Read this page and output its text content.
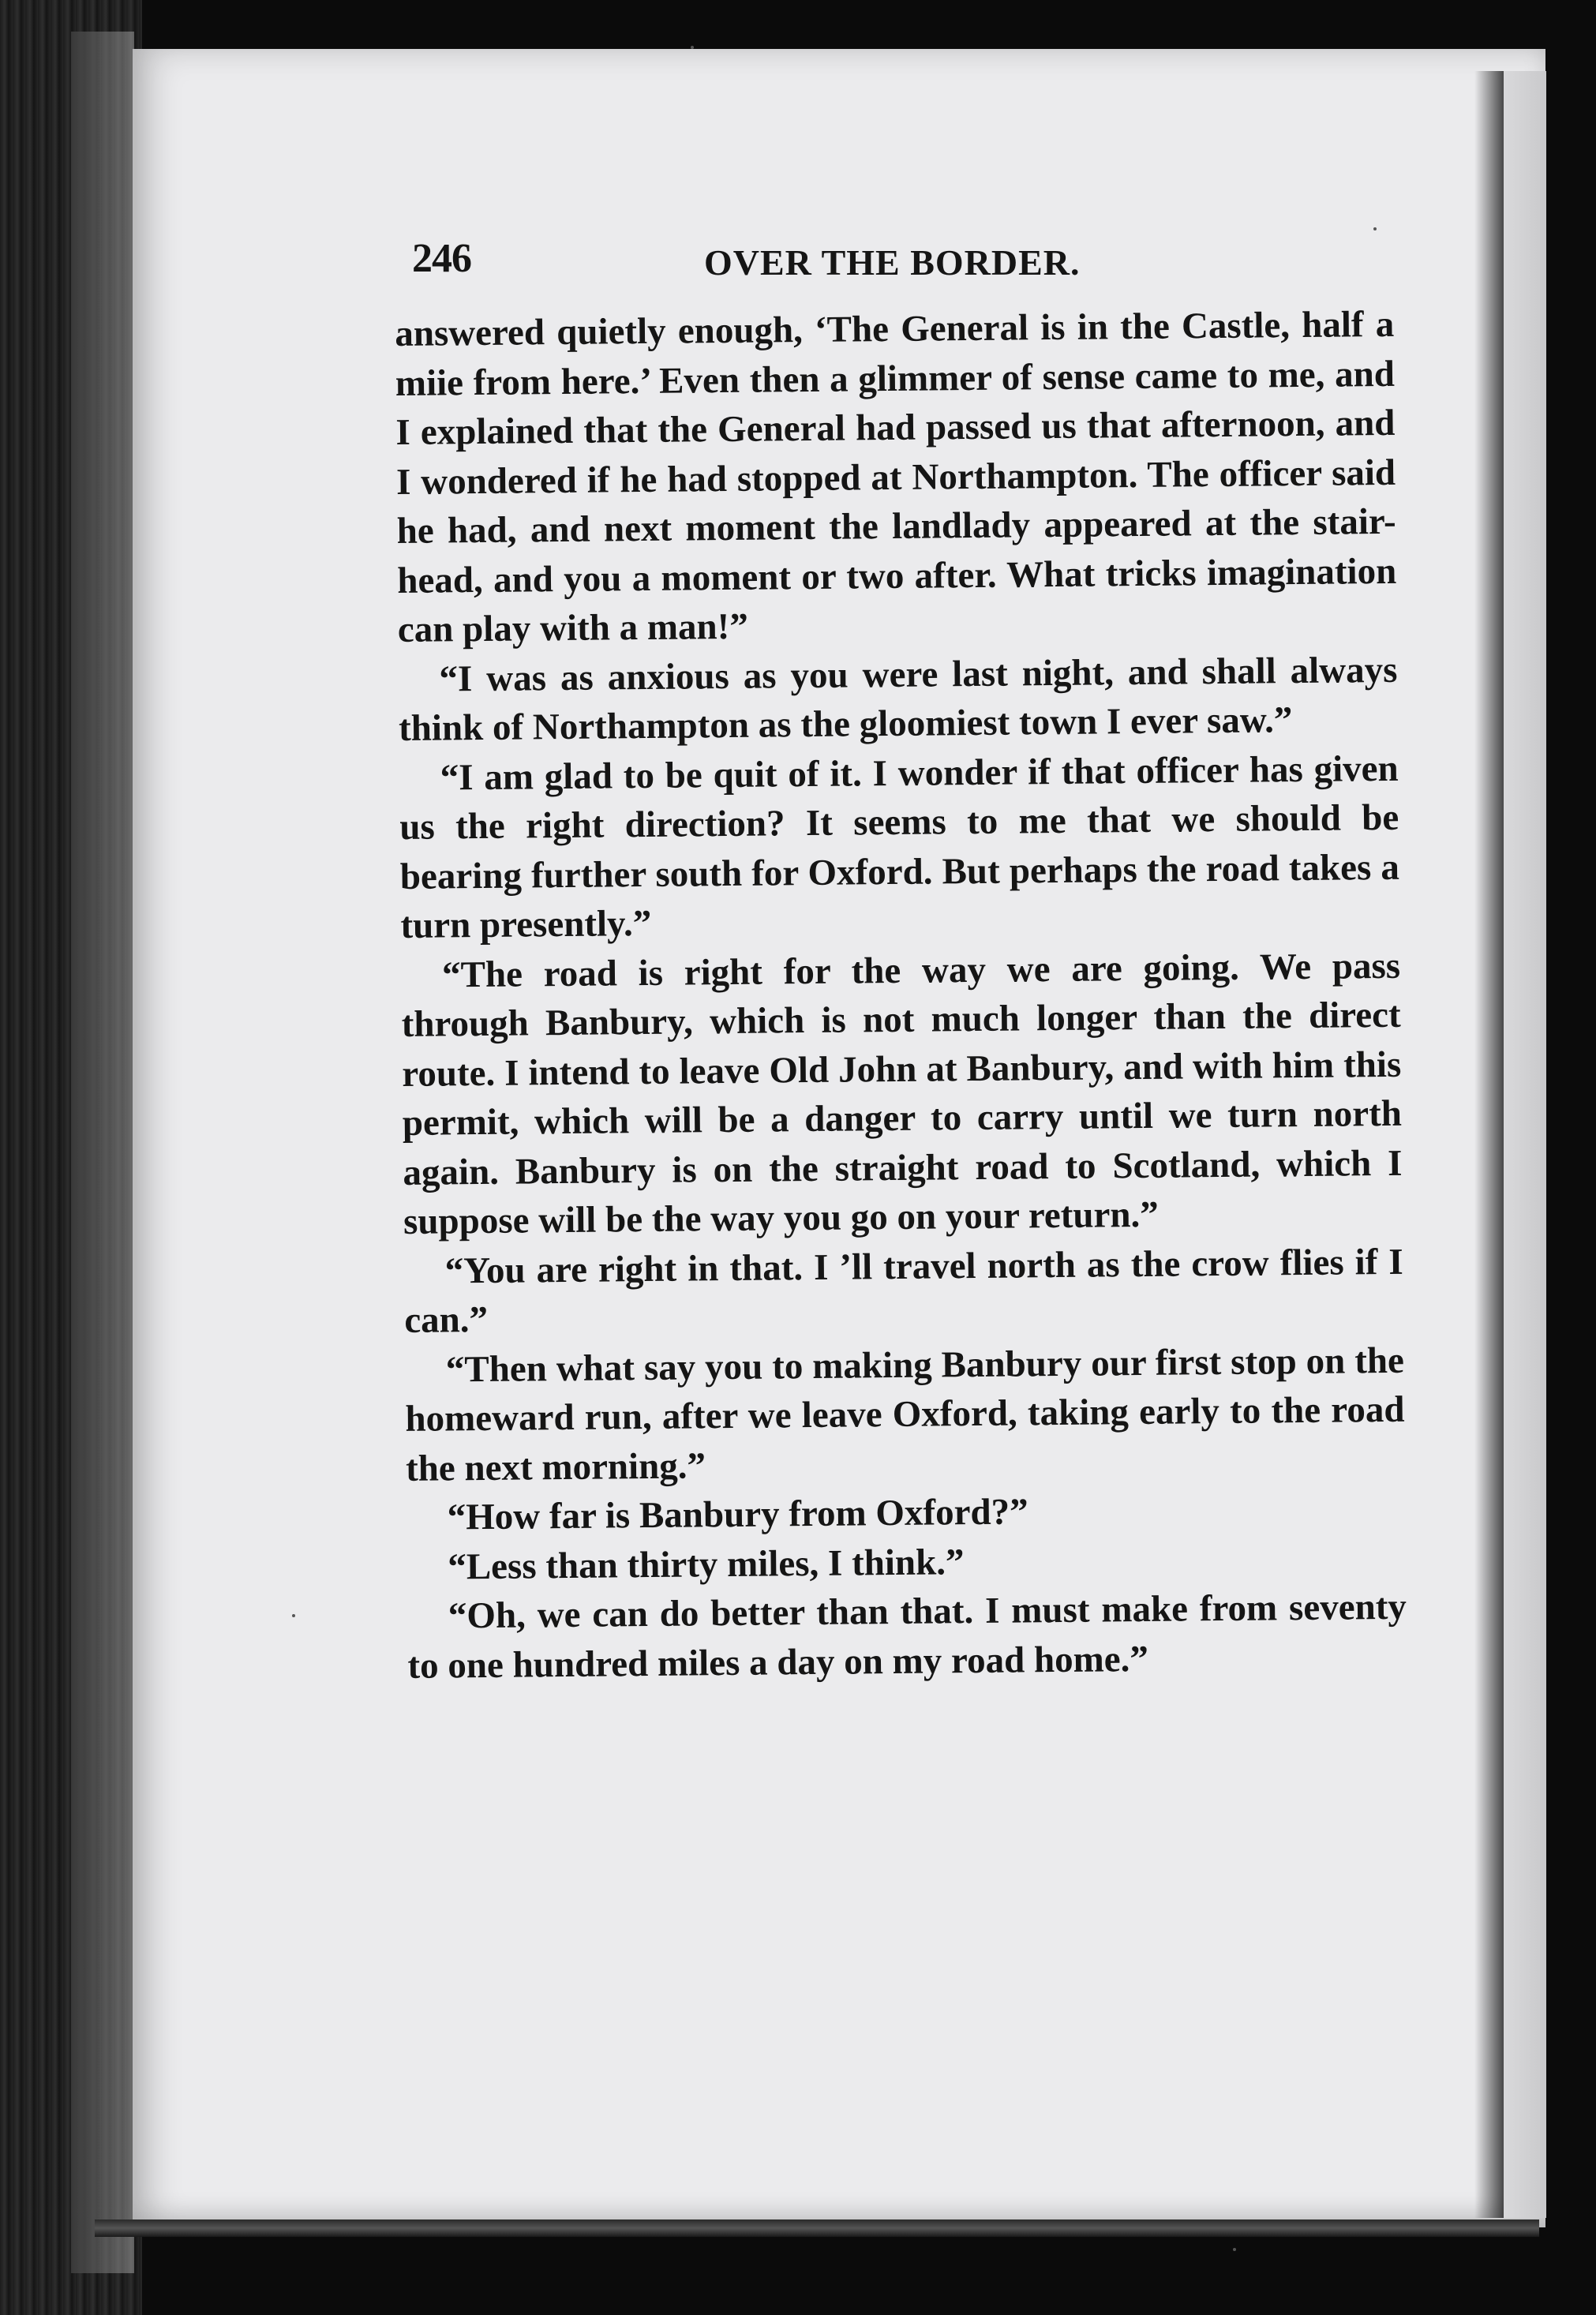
246	OVER THE BORDER.

answered quietly enough, ‘The General is in the Castle, half a miie from here.’ Even then a glimmer of sense came to me, and I explained that the General had passed us that afternoon, and I wondered if he had stopped at Northampton. The officer said he had, and next moment the landlady appeared at the stair-head, and you a moment or two after. What tricks imagination can play with a man!”

“I was as anxious as you were last night, and shall always think of Northampton as the gloomiest town I ever saw.”

“I am glad to be quit of it. I wonder if that officer has given us the right direction? It seems to me that we should be bearing further south for Oxford. But perhaps the road takes a turn presently.”

“The road is right for the way we are going. We pass through Banbury, which is not much longer than the direct route. I intend to leave Old John at Banbury, and with him this permit, which will be a danger to carry until we turn north again. Banbury is on the straight road to Scotland, which I suppose will be the way you go on your return.”

“You are right in that. I ’ll travel north as the crow flies if I can.”

“Then what say you to making Banbury our first stop on the homeward run, after we leave Oxford, taking early to the road the next morning.”

“How far is Banbury from Oxford?”

“Less than thirty miles, I think.”

“Oh, we can do better than that. I must make from seventy to one hundred miles a day on my road home.”
